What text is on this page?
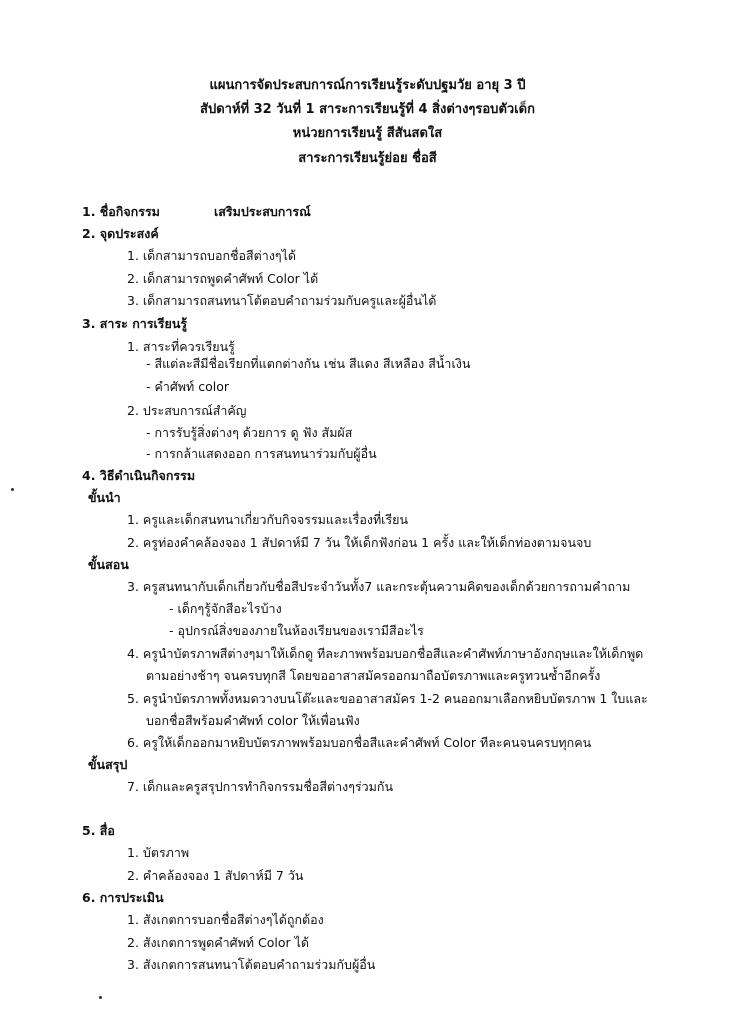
แผนการจัดประสบการณ์การเรียนรู้ระดับปฐมวัย อายุ 3 ปี
สัปดาห์ที่ 32 วันที่ 1 สาระการเรียนรู้ที่ 4 สิ่งต่างๆรอบตัวเด็ก
หน่วยการเรียนรู้ สีสันสดใส
สาระการเรียนรู้ย่อย ชื่อสี
1. ชื่อกิจกรรม	เสริมประสบการณ์
2. จุดประสงค์
1. เด็กสามารถบอกชื่อสีต่างๆได้
2. เด็กสามารถพูดคำศัพท์ Color ได้
3. เด็กสามารถสนทนาโต้ตอบคำถามร่วมกับครูและผู้อื่นได้
3. สาระ การเรียนรู้
1. สาระที่ควรเรียนรู้
- สีแต่ละสีมีชื่อเรียกที่แตกต่างกัน เช่น สีแดง สีเหลือง สีน้ำเงิน
- คำศัพท์ color
2. ประสบการณ์สำคัญ
- การรับรู้สิ่งต่างๆ ด้วยการ ดู ฟัง สัมผัส
- การกล้าแสดงออก การสนทนาร่วมกับผู้อื่น
4. วิธีดำเนินกิจกรรม
ขั้นนำ
1. ครูและเด็กสนทนาเกี่ยวกับกิจจรรมและเรื่องที่เรียน
2. ครูท่องคำคล้องจอง 1 สัปดาห์มี 7 วัน ให้เด็กฟังก่อน 1 ครั้ง และให้เด็กท่องตามจนจบ
ขั้นสอน
3. ครูสนทนากับเด็กเกี่ยวกับชื่อสีประจำวันทั้ง7 และกระตุ้นความคิดของเด็กด้วยการถามคำถาม
- เด็กๆรู้จักสีอะไรบ้าง
- อุปกรณ์สิ่งของภายในห้องเรียนของเรามีสีอะไร
4. ครูนำบัตรภาพสีต่างๆมาให้เด็กดู ทีละภาพพร้อมบอกชื่อสีและคำศัพท์ภาษาอังกฤษและให้เด็กพูด
ตามอย่างช้าๆ จนครบทุกสี โดยขออาสาสมัครออกมาถือบัตรภาพและครูทวนซ้ำอีกครั้ง
5. ครูนำบัตรภาพทั้งหมดวางบนโต๊ะและขออาสาสมัคร 1-2 คนออกมาเลือกหยิบบัตรภาพ 1 ใบและ
บอกชื่อสีพร้อมคำศัพท์ color ให้เพื่อนฟัง
6. ครูให้เด็กออกมาหยิบบัตรภาพพร้อมบอกชื่อสีและคำศัพท์ Color ทีละคนจนครบทุกคน
ขั้นสรุป
7. เด็กและครูสรุปการทำกิจกรรมชื่อสีต่างๆร่วมกัน
5. สื่อ
1. บัตรภาพ
2. คำคล้องจอง 1 สัปดาห์มี 7 วัน
6. การประเมิน
1. สังเกตการบอกชื่อสีต่างๆได้ถูกต้อง
2. สังเกตการพูดคำศัพท์ Color ได้
3. สังเกตการสนทนาโต้ตอบคำถามร่วมกับผู้อื่น
